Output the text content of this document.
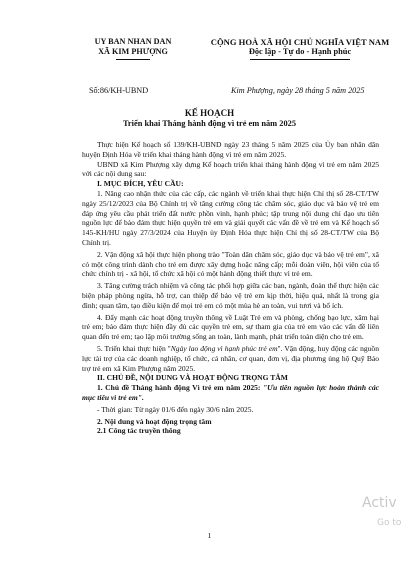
UY BAN NHAN DAN
XÃ KIM PHƯỢNG
CỘNG HOÀ XÃ HỘI CHỦ NGHĨA VIỆT NAM
Độc lập - Tự do - Hạnh phúc
Số:86/KH-UBND	Kim Phượng, ngày 28 tháng 5 năm 2025
KẾ HOẠCH
Triển khai Tháng hành động vì trẻ em năm 2025

Thực hiện Kế hoạch số 139/KH-UBND ngày 23 tháng 5 năm 2025 của Ủy ban nhân dân huyện Định Hóa về triển khai tháng hành động vì trẻ em năm 2025.

UBND xã Kim Phượng xây dựng Kế hoạch triển khai tháng hành động vì trẻ em năm 2025 với các nội dung sau:

I. MỤC ĐÍCH, YÊU CẦU:

1. Nâng cao nhận thức của các cấp, các ngành về triển khai thực hiện Chỉ thị số 28-CT/TW ngày 25/12/2023 của Bộ Chính trị về tăng cường công tác chăm sóc, giáo dục và bảo vệ trẻ em đáp ứng yêu cầu phát triển đất nước phồn vinh, hạnh phúc; tập trung nội dung chỉ đạo ưu tiên nguồn lực để bảo đảm thực hiện quyền trẻ em và giải quyết các vấn đề về trẻ em và Kế hoạch số 145-KH/HU ngày 27/3/2024 của Huyện ủy Định Hóa thực hiện Chỉ thị số 28-CT/TW của Bộ Chính trị.

2. Vận động xã hội thực hiện phong trào "Toàn dân chăm sóc, giáo dục và bảo vệ trẻ em", xã có một công trình dành cho trẻ em được xây dựng hoặc nâng cấp; mỗi đoàn viên, hội viên của tổ chức chính trị - xã hội, tổ chức xã hội có một hành động thiết thực vì trẻ em.

3. Tăng cường trách nhiệm và công tác phối hợp giữa các ban, ngành, đoàn thể thực hiện các biện pháp phòng ngừa, hỗ trợ, can thiệp để bảo vệ trẻ em kịp thời, hiệu quả, nhất là trong gia đình; quan tâm, tạo điều kiện để mọi trẻ em có một mùa hè an toàn, vui tươi và bổ ích.

4. Đẩy mạnh các hoạt động truyền thông về Luật Trẻ em và phòng, chống bạo lực, xâm hại trẻ em; bảo đảm thực hiện đầy đủ các quyền trẻ em, sự tham gia của trẻ em vào các vấn đề liên quan đến trẻ em; tạo lập môi trường sống an toàn, lành mạnh, phát triển toàn diện cho trẻ em.

5. Triển khai thực hiện "Ngày lao động vì hạnh phúc trẻ em". Vận động, huy động các nguồn lực tài trợ của các doanh nghiệp, tổ chức, cá nhân, cơ quan, đơn vị, địa phương ủng hộ Quỹ Bảo trợ trẻ em xã Kim Phượng năm 2025.

II. CHỦ ĐỀ, NỘI DUNG VÀ HOẠT ĐỘNG TRỌNG TÂM

1. Chủ đề Tháng hành động Vì trẻ em năm 2025: "Ưu tiên nguồn lực hoàn thành các mục tiêu vì trẻ em".

- Thời gian: Từ ngày 01/6 đến ngày 30/6 năm 2025.

2. Nội dung và hoạt động trọng tâm

2.1 Công tác truyền thông

1
Activ
Go to
